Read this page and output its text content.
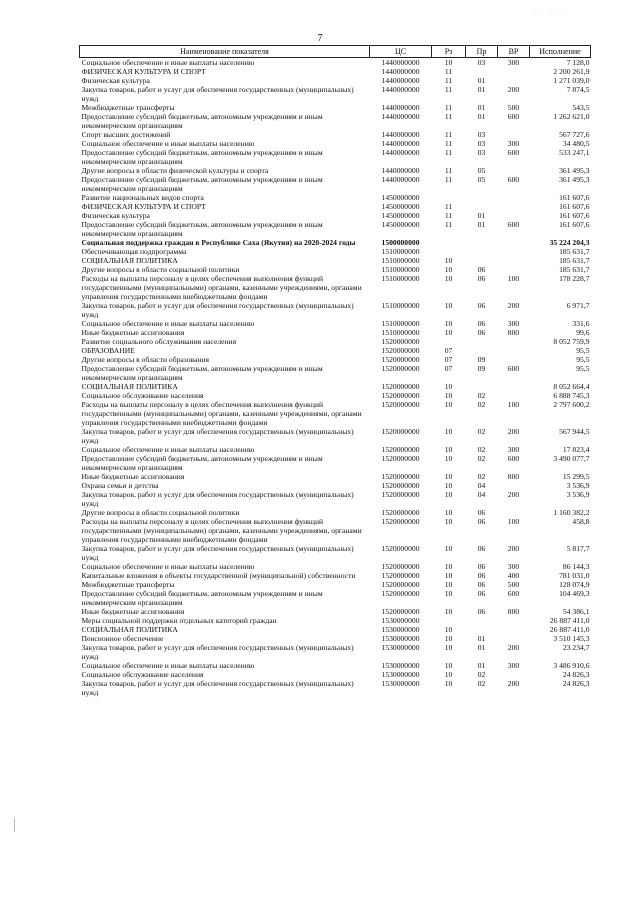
· · · · ·
7
Наименование показателя	ЦС	Рз	Пр	ВР	Исполнение
Социальное обеспечение и иные выплаты населению	1440000000	10	03	300	7 128,0
ФИЗИЧЕСКАЯ КУЛЬТУРА И СПОРТ	1440000000	11			2 200 261,9
Физическая культура	1440000000	11	01		1 271 039,0
Закупка товаров, работ и услуг для обеспечения государственных (муниципальных) нужд	1440000000	11	01	200	7 874,5
Межбюджетные трансферты	1440000000	11	01	500	543,5
Предоставление субсидий бюджетным, автономным учреждениям и иным некоммерческим организациям	1440000000	11	01	600	1 262 621,0
Спорт высших достижений	1440000000	11	03		567 727,6
Социальное обеспечение и иные выплаты населению	1440000000	11	03	300	34 480,5
Предоставление субсидий бюджетным, автономным учреждениям и иным некоммерческим организациям	1440000000	11	03	600	533 247,1
Другие вопросы в области физической культуры и спорта	1440000000	11	05		361 495,3
Предоставление субсидий бюджетным, автономным учреждениям и иным некоммерческим организациям	1440000000	11	05	600	361 495,3
Развитие национальных видов спорта	1450000000				161 607,6
ФИЗИЧЕСКАЯ КУЛЬТУРА И СПОРТ	1450000000	11			161 607,6
Физическая культура	1450000000	11	01		161 607,6
Предоставление субсидий бюджетным, автономным учреждениям и иным некоммерческим организациям	1450000000	11	01	600	161 607,6
Социальная поддержка граждан в Республике Саха (Якутия) на 2020-2024 годы	1500000000				35 224 204,3
Обеспечивающая подпрограмма	1510000000				185 631,7
СОЦИАЛЬНАЯ ПОЛИТИКА	1510000000	10			185 631,7
Другие вопросы в области социальной политики	1510000000	10	06		185 631,7
Расходы на выплаты персоналу в целях обеспечения выполнения функций государственными (муниципальными) органами, казенными учреждениями, органами управления государственными внебюджетными фондами	1510000000	10	06	100	178 228,7
Закупка товаров, работ и услуг для обеспечения государственных (муниципальных) нужд	1510000000	10	06	200	6 971,7
Социальное обеспечение и иные выплаты населению	1510000000	10	06	300	331,6
Иные бюджетные ассигнования	1510000000	10	06	800	99,6
Развитие социального обслуживания населения	1520000000				8 052 759,9
ОБРАЗОВАНИЕ	1520000000	07			95,5
Другие вопросы в области образования	1520000000	07	09		95,5
Предоставление субсидий бюджетным, автономным учреждениям и иным некоммерческим организациям	1520000000	07	09	600	95,5
СОЦИАЛЬНАЯ ПОЛИТИКА	1520000000	10			8 052 664,4
Социальное обслуживание населения	1520000000	10	02		6 888 745,3
Расходы на выплаты персоналу в целях обеспечения выполнения функций государственными (муниципальными) органами, казенными учреждениями, органами управления государственными внебюджетными фондами	1520000000	10	02	100	2 797 600,2
Закупка товаров, работ и услуг для обеспечения государственных (муниципальных) нужд	1520000000	10	02	200	567 944,5
Социальное обеспечение и иные выплаты населению	1520000000	10	02	300	17 823,4
Предоставление субсидий бюджетным, автономным учреждениям и иным некоммерческим организациям	1520000000	10	02	600	3 490 077,7
Иные бюджетные ассигнования	1520000000	10	02	800	15 299,5
Охрана семьи и детства	1520000000	10	04		3 536,9
Закупка товаров, работ и услуг для обеспечения государственных (муниципальных) нужд	1520000000	10	04	200	3 536,9
Другие вопросы в области социальной политики	1520000000	10	06		1 160 382,2
Расходы на выплаты персоналу в целях обеспечения выполнения функций государственными (муниципальными) органами, казенными учреждениями, органами управления государственными внебюджетными фондами	1520000000	10	06	100	458,8
Закупка товаров, работ и услуг для обеспечения государственных (муниципальных) нужд	1520000000	10	06	200	5 817,7
Социальное обеспечение и иные выплаты населению	1520000000	10	06	300	86 144,3
Капитальные вложения в объекты государственной (муниципальной) собственности	1520000000	10	06	400	781 031,0
Межбюджетные трансферты	1520000000	10	06	500	128 074,9
Предоставление субсидий бюджетным, автономным учреждениям и иным некоммерческим организациям	1520000000	10	06	600	104 469,3
Иные бюджетные ассигнования	1520000000	10	06	800	54 386,1
Меры социальной поддержки отдельных категорий граждан	1530000000				26 887 411,0
СОЦИАЛЬНАЯ ПОЛИТИКА	1530000000	10			26 887 411,0
Пенсионное обеспечение	1530000000	10	01		3 510 145,3
Закупка товаров, работ и услуг для обеспечения государственных (муниципальных) нужд	1530000000	10	01	200	23 234,7
Социальное обеспечение и иные выплаты населению	1530000000	10	01	300	3 486 910,6
Социальное обслуживание населения	1530000000	10	02		24 826,3
Закупка товаров, работ и услуг для обеспечения государственных (муниципальных) нужд	1530000000	10	02	200	24 826,3
